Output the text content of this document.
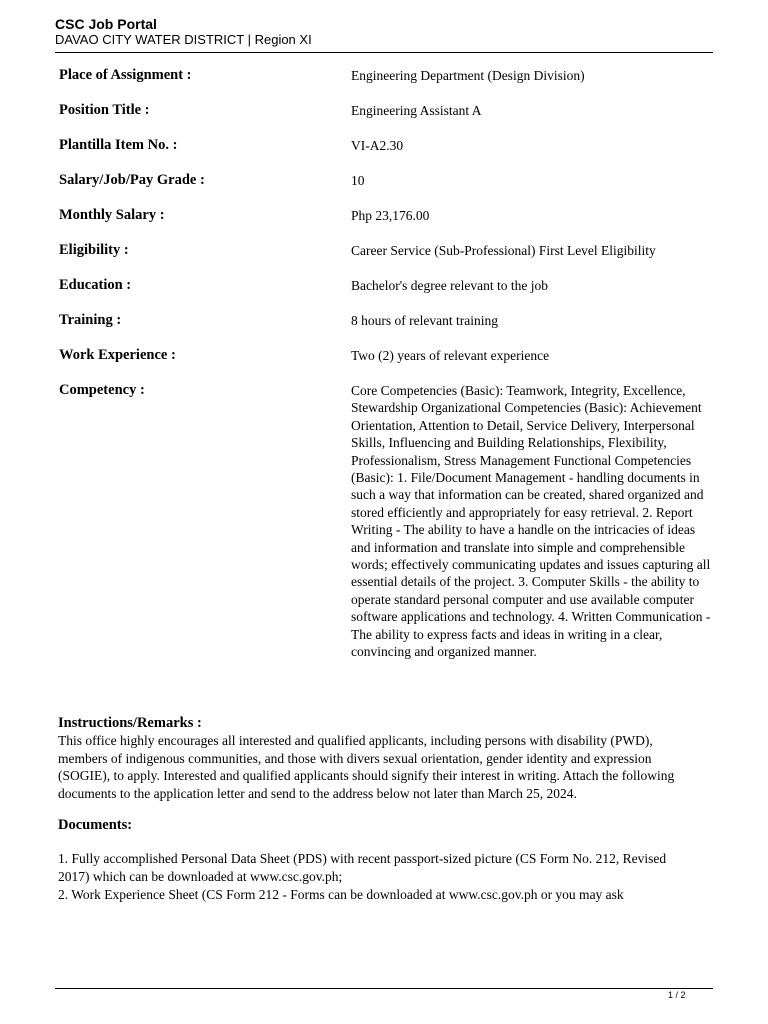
CSC Job Portal
DAVAO CITY WATER DISTRICT | Region XI
Place of Assignment :	Engineering Department (Design Division)
Position Title :	Engineering Assistant A
Plantilla Item No. :	VI-A2.30
Salary/Job/Pay Grade :	10
Monthly Salary :	Php 23,176.00
Eligibility :	Career Service (Sub-Professional) First Level Eligibility
Education :	Bachelor's degree relevant to the job
Training :	8 hours of relevant training
Work Experience :	Two (2) years of relevant experience
Competency :	Core Competencies (Basic): Teamwork, Integrity, Excellence, Stewardship Organizational Competencies (Basic): Achievement Orientation, Attention to Detail, Service Delivery, Interpersonal Skills, Influencing and Building Relationships, Flexibility, Professionalism, Stress Management Functional Competencies (Basic): 1. File/Document Management - handling documents in such a way that information can be created, shared organized and stored efficiently and appropriately for easy retrieval. 2. Report Writing - The ability to have a handle on the intricacies of ideas and information and translate into simple and comprehensible words; effectively communicating updates and issues capturing all essential details of the project. 3. Computer Skills - the ability to operate standard personal computer and use available computer software applications and technology. 4. Written Communication - The ability to express facts and ideas in writing in a clear, convincing and organized manner.
Instructions/Remarks :
This office highly encourages all interested and qualified applicants, including persons with disability (PWD), members of indigenous communities, and those with divers sexual orientation, gender identity and expression (SOGIE), to apply. Interested and qualified applicants should signify their interest in writing. Attach the following documents to the application letter and send to the address below not later than March 25, 2024.
Documents:
1. Fully accomplished Personal Data Sheet (PDS) with recent passport-sized picture (CS Form No. 212, Revised 2017) which can be downloaded at www.csc.gov.ph;
2. Work Experience Sheet (CS Form 212 - Forms can be downloaded at www.csc.gov.ph or you may ask
1 / 2
